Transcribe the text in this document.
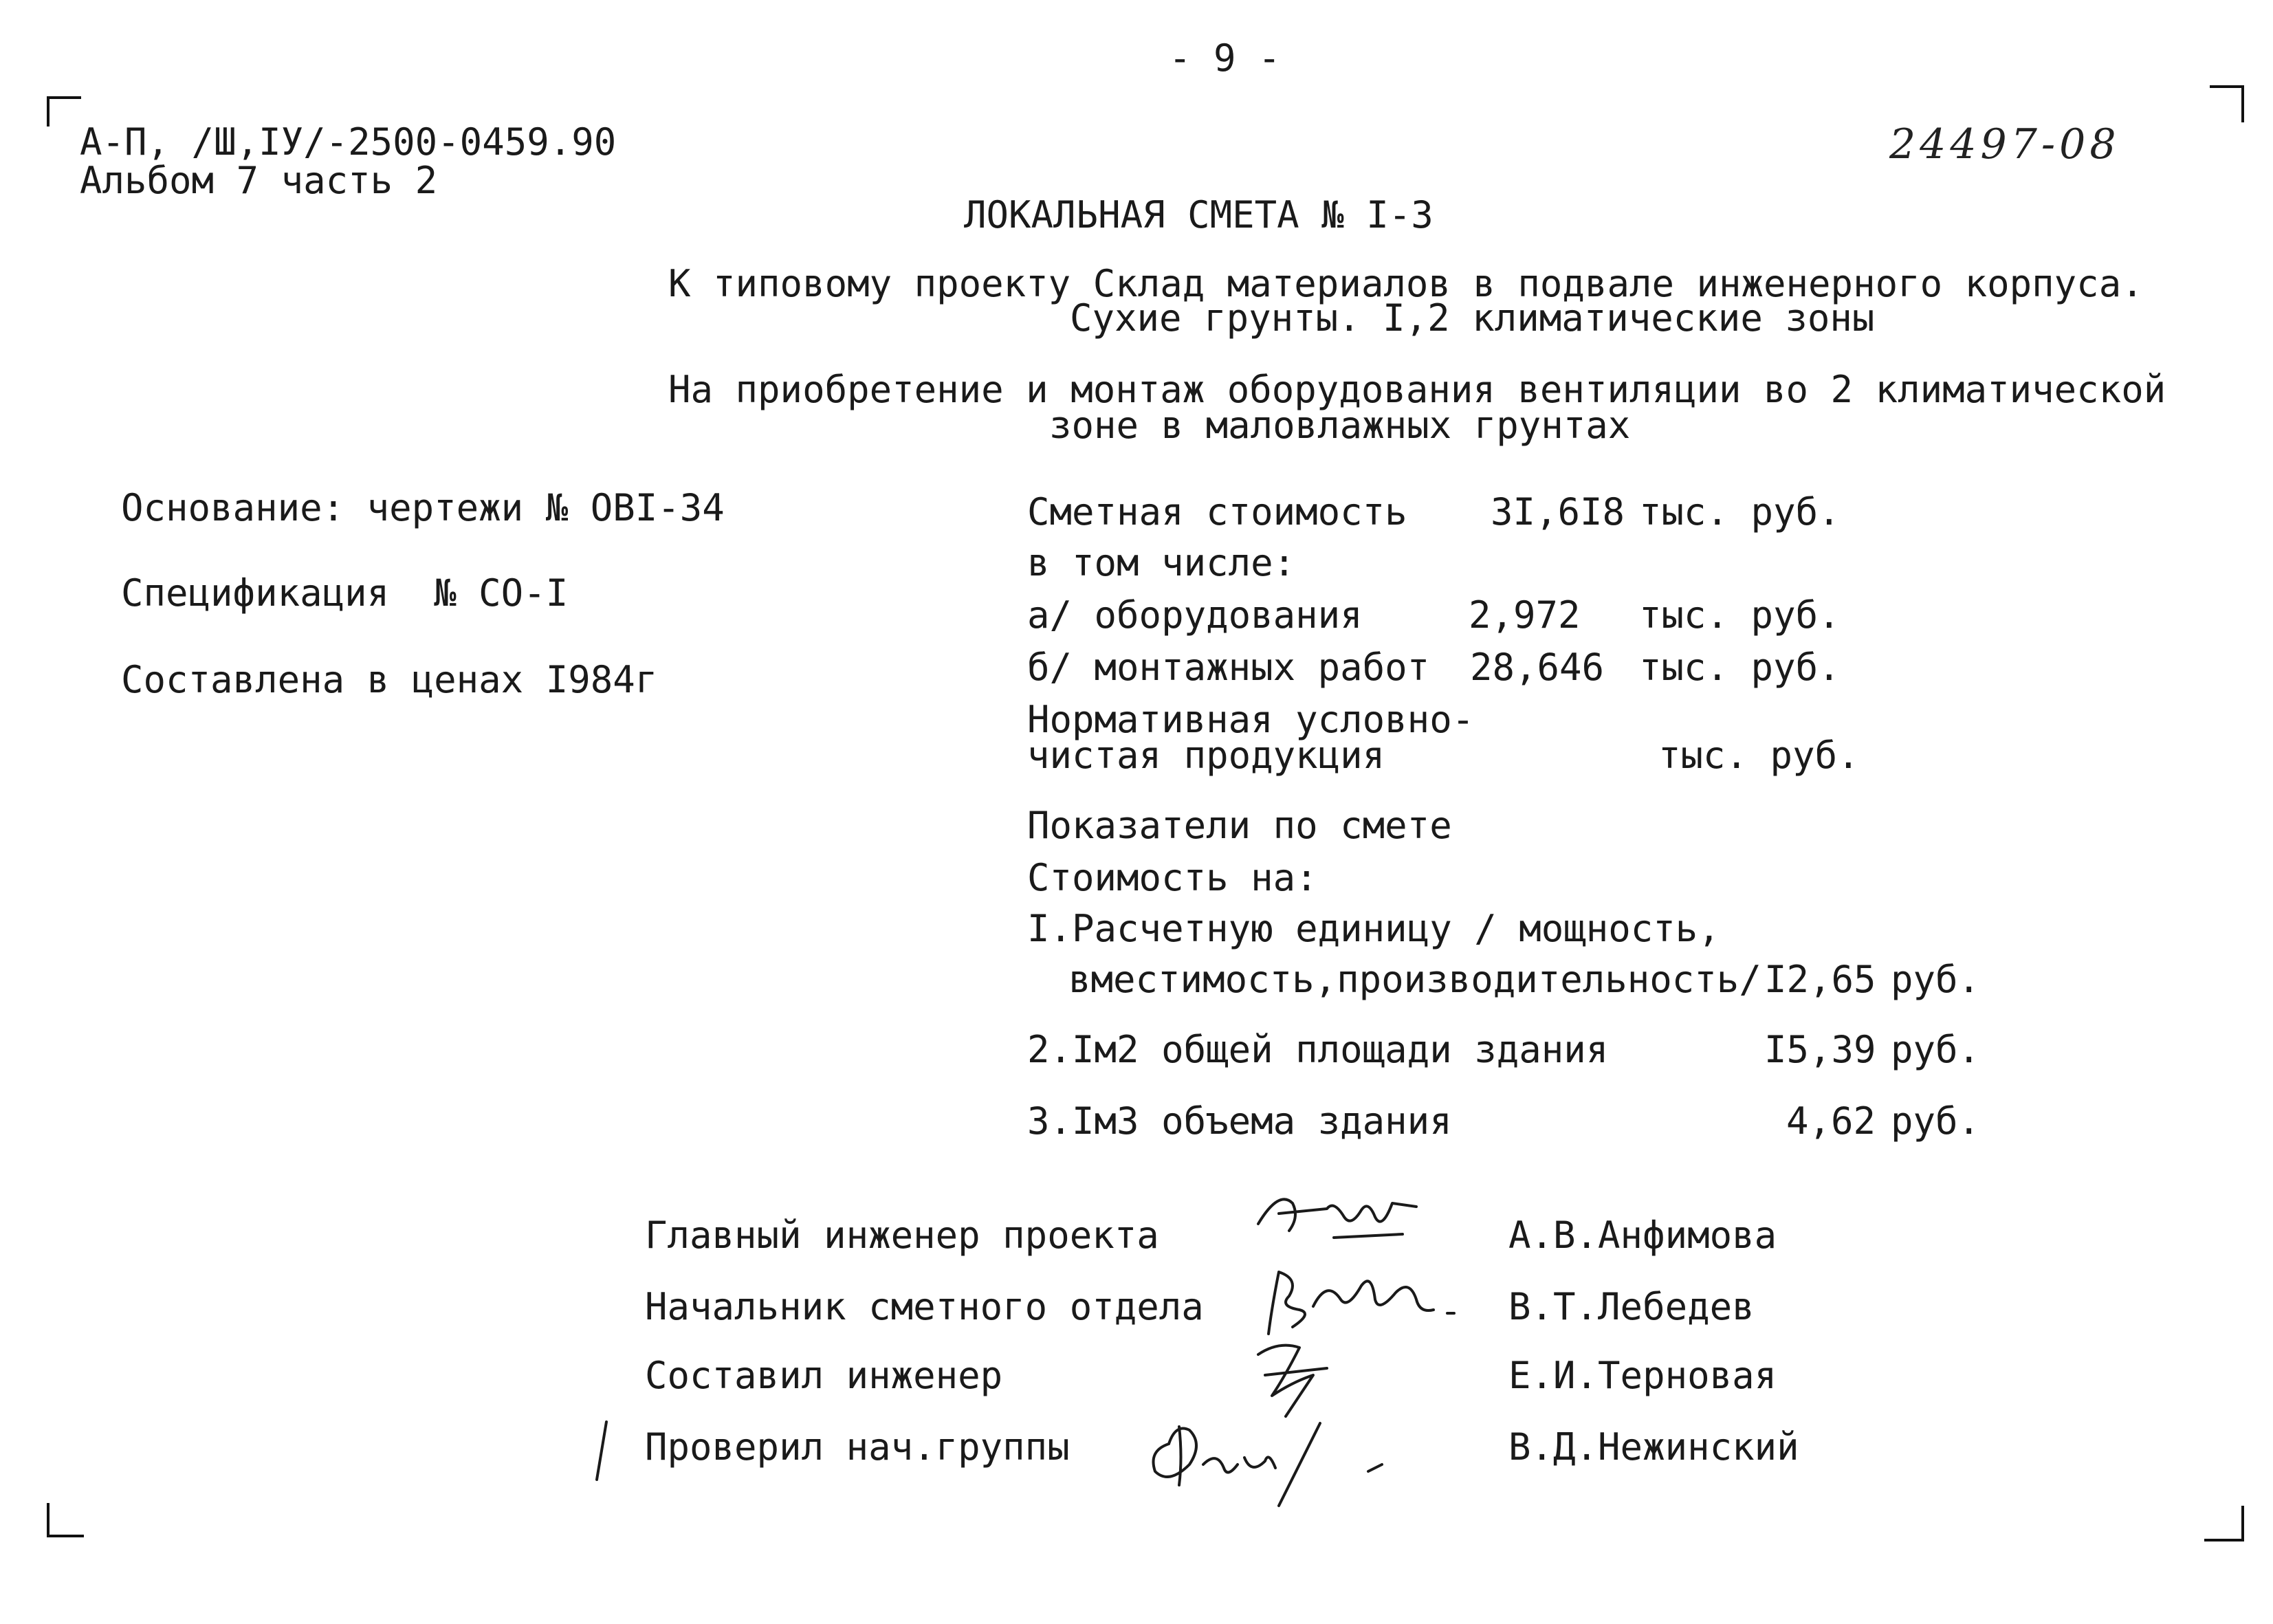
- 9 -
А-П, /Ш,IУ/-2500-0459.90
Альбом 7 часть 2
24497-08
ЛОКАЛЬНАЯ СМЕТА № I-3
К типовому проекту Склад материалов в подвале инженерного корпуса.
Сухие грунты. I,2 климатические зоны
На приобретение и монтаж оборудования вентиляции во 2 климатической
зоне в маловлажных грунтах
Основание: чертежи № ОВI-34
Спецификация  № СО-I
Составлена в ценах I984г
Сметная стоимость 3I,6I8 тыс. руб.
в том числе:
а/ оборудования	2,972 тыс. руб.
б/ монтажных работ 28,646 тыс. руб.
Нормативная условно-
чистая продукция	тыс. руб.
Показатели по смете
Стоимость на:
I.Расчетную единицу / мощность,
вместимость,производительность/ I2,65 руб.
2.Iм2 общей площади здания	I5,39 руб.
3.Iм3 объема здания	4,62 руб.
Главный инженер проекта	А.В.Анфимова
Начальник сметного отдела	В.Т.Лебедев
Составил инженер	Е.И.Терновая
Проверил нач.группы	В.Д.Нежинский
